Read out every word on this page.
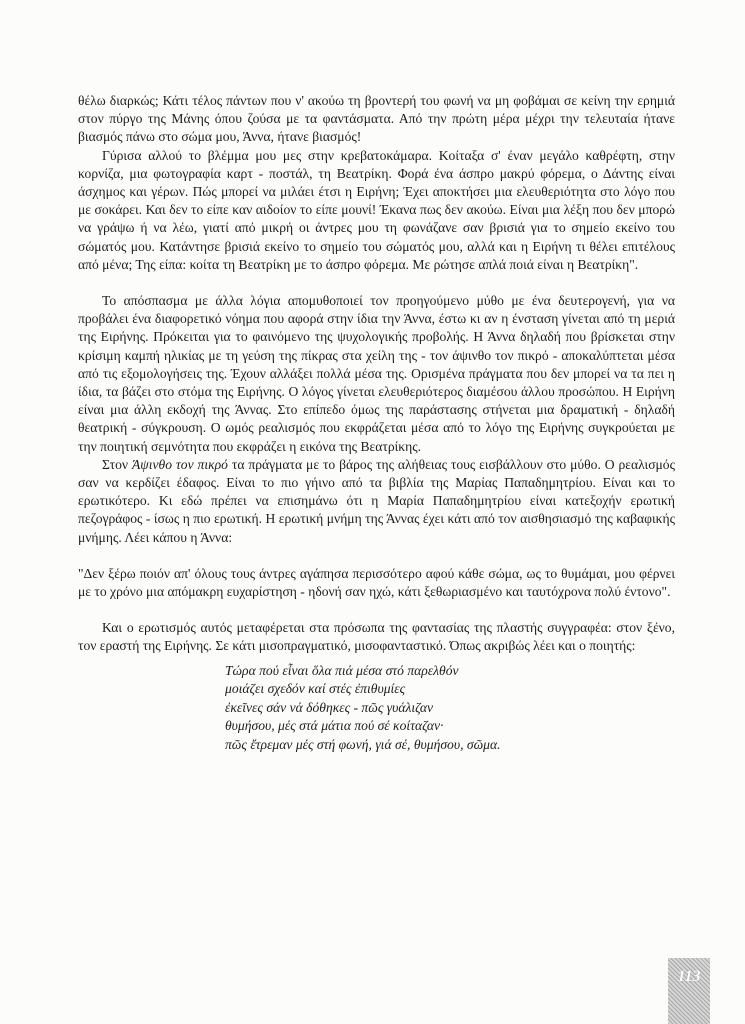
θέλω διαρκώς; Κάτι τέλος πάντων που ν' ακούω τη βροντερή του φωνή να μη φοβάμαι σε κείνη την ερημιά στον πύργο της Μάνης όπου ζούσα με τα φαντάσματα. Από την πρώτη μέρα μέχρι την τελευταία ήτανε βιασμός πάνω στο σώμα μου, Άννα, ήτανε βιασμός!

Γύρισα αλλού το βλέμμα μου μες στην κρεβατοκάμαρα. Κοίταξα σ' έναν μεγάλο καθρέφτη, στην κορνίζα, μια φωτογραφία καρτ - ποστάλ, τη Βεατρίκη. Φορά ένα άσπρο μακρύ φόρεμα, ο Δάντης είναι άσχημος και γέρων. Πώς μπορεί να μιλάει έτσι η Ειρήνη; Έχει αποκτήσει μια ελευθεριότητα στο λόγο που με σοκάρει. Και δεν το είπε καν αιδοίον το είπε μουνί! Έκανα πως δεν ακούω. Είναι μια λέξη που δεν μπορώ να γράψω ή να λέω, γιατί από μικρή οι άντρες μου τη φωνάζανε σαν βρισιά για το σημείο εκείνο του σώματός μου. Κατάντησε βρισιά εκείνο το σημείο του σώματός μου, αλλά και η Ειρήνη τι θέλει επιτέλους από μένα; Της είπα: κοίτα τη Βεατρίκη με το άσπρο φόρεμα. Με ρώτησε απλά ποιά είναι η Βεατρίκη".

Το απόσπασμα με άλλα λόγια απομυθοποιεί τον προηγούμενο μύθο με ένα δευτερογενή, για να προβάλει ένα διαφορετικό νόημα που αφορά στην ίδια την Άννα, έστω κι αν η ένσταση γίνεται από τη μεριά της Ειρήνης. Πρόκειται για το φαινόμενο της ψυχολογικής προβολής. Η Άννα δηλαδή που βρίσκεται στην κρίσιμη καμπή ηλικίας με τη γεύση της πίκρας στα χείλη της - τον άψινθο τον πικρό - αποκαλύπτεται μέσα από τις εξομολογήσεις της. Έχουν αλλάξει πολλά μέσα της. Ορισμένα πράγματα που δεν μπορεί να τα πει η ίδια, τα βάζει στο στόμα της Ειρήνης. Ο λόγος γίνεται ελευθεριότερος διαμέσου άλλου προσώπου. Η Ειρήνη είναι μια άλλη εκδοχή της Άννας. Στο επίπεδο όμως της παράστασης στήνεται μια δραματική - δηλαδή θεατρική - σύγκρουση. Ο ωμός ρεαλισμός που εκφράζεται μέσα από το λόγο της Ειρήνης συγκρούεται με την ποιητική σεμνότητα που εκφράζει η εικόνα της Βεατρίκης.

Στον Άψινθο τον πικρό τα πράγματα με το βάρος της αλήθειας τους εισβάλλουν στο μύθο. Ο ρεαλισμός σαν να κερδίζει έδαφος. Είναι το πιο γήινο από τα βιβλία της Μαρίας Παπαδημητρίου. Είναι και το ερωτικότερο. Κι εδώ πρέπει να επισημάνω ότι η Μαρία Παπαδημητρίου είναι κατεξοχήν ερωτική πεζογράφος - ίσως η πιο ερωτική. Η ερωτική μνήμη της Άννας έχει κάτι από τον αισθησιασμό της καβαφικής μνήμης. Λέει κάπου η Άννα:

"Δεν ξέρω ποιόν απ' όλους τους άντρες αγάπησα περισσότερο αφού κάθε σώμα, ως το θυμάμαι, μου φέρνει με το χρόνο μια απόμακρη ευχαρίστηση - ηδονή σαν ηχώ, κάτι ξεθωριασμένο και ταυτόχρονα πολύ έντονο".

Και ο ερωτισμός αυτός μεταφέρεται στα πρόσωπα της φαντασίας της πλαστής συγγραφέα: στον ξένο, τον εραστή της Ειρήνης. Σε κάτι μισοπραγματικό, μισοφανταστικό. Όπως ακριβώς λέει και ο ποιητής:

Τώρα πού εἶναι ὅλα πιά μέσα στό παρελθόν
μοιάζει σχεδόν καί στές ἐπιθυμίες
ἐκεῖνες σάν νά δόθηκες - πῶς γυάλιζαν
θυμήσου, μές στά μάτια πού σέ κοίταζαν·
πῶς ἔτρεμαν μές στή φωνή, γιά σέ, θυμήσου, σῶμα.
113
